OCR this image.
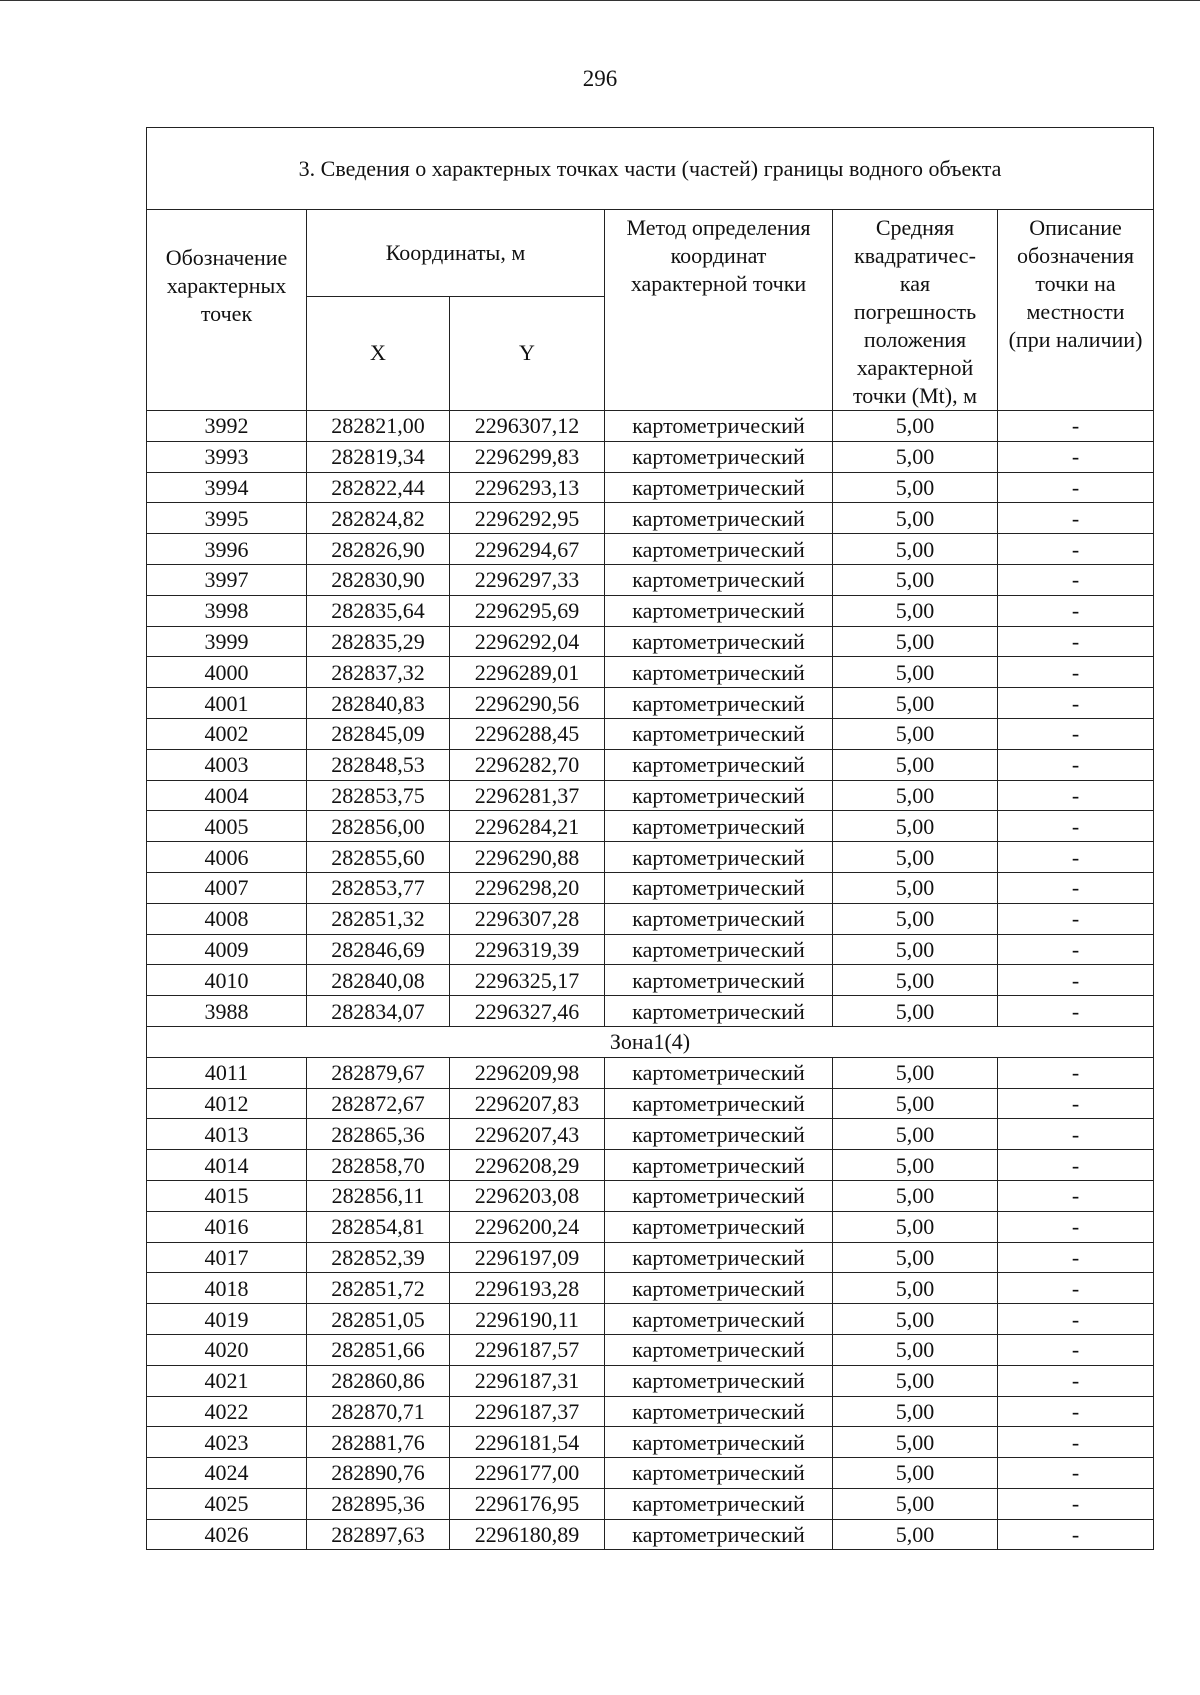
296
3. Сведения о характерных точках части (частей) границы водного объекта					
Обозначение характерных точек	Координаты, м		Метод определения координат характерной точки	Средняя квадратичес-кая погрешность положения характерной точки (Mt), м	Описание обозначения точки на местности (при наличии)
	X	Y			
3992	282821,00	2296307,12	картометрический	5,00	-
3993	282819,34	2296299,83	картометрический	5,00	-
3994	282822,44	2296293,13	картометрический	5,00	-
3995	282824,82	2296292,95	картометрический	5,00	-
3996	282826,90	2296294,67	картометрический	5,00	-
3997	282830,90	2296297,33	картометрический	5,00	-
3998	282835,64	2296295,69	картометрический	5,00	-
3999	282835,29	2296292,04	картометрический	5,00	-
4000	282837,32	2296289,01	картометрический	5,00	-
4001	282840,83	2296290,56	картометрический	5,00	-
4002	282845,09	2296288,45	картометрический	5,00	-
4003	282848,53	2296282,70	картометрический	5,00	-
4004	282853,75	2296281,37	картометрический	5,00	-
4005	282856,00	2296284,21	картометрический	5,00	-
4006	282855,60	2296290,88	картометрический	5,00	-
4007	282853,77	2296298,20	картометрический	5,00	-
4008	282851,32	2296307,28	картометрический	5,00	-
4009	282846,69	2296319,39	картометрический	5,00	-
4010	282840,08	2296325,17	картометрический	5,00	-
3988	282834,07	2296327,46	картометрический	5,00	-
Зона1(4)					
4011	282879,67	2296209,98	картометрический	5,00	-
4012	282872,67	2296207,83	картометрический	5,00	-
4013	282865,36	2296207,43	картометрический	5,00	-
4014	282858,70	2296208,29	картометрический	5,00	-
4015	282856,11	2296203,08	картометрический	5,00	-
4016	282854,81	2296200,24	картометрический	5,00	-
4017	282852,39	2296197,09	картометрический	5,00	-
4018	282851,72	2296193,28	картометрический	5,00	-
4019	282851,05	2296190,11	картометрический	5,00	-
4020	282851,66	2296187,57	картометрический	5,00	-
4021	282860,86	2296187,31	картометрический	5,00	-
4022	282870,71	2296187,37	картометрический	5,00	-
4023	282881,76	2296181,54	картометрический	5,00	-
4024	282890,76	2296177,00	картометрический	5,00	-
4025	282895,36	2296176,95	картометрический	5,00	-
4026	282897,63	2296180,89	картометрический	5,00	-
